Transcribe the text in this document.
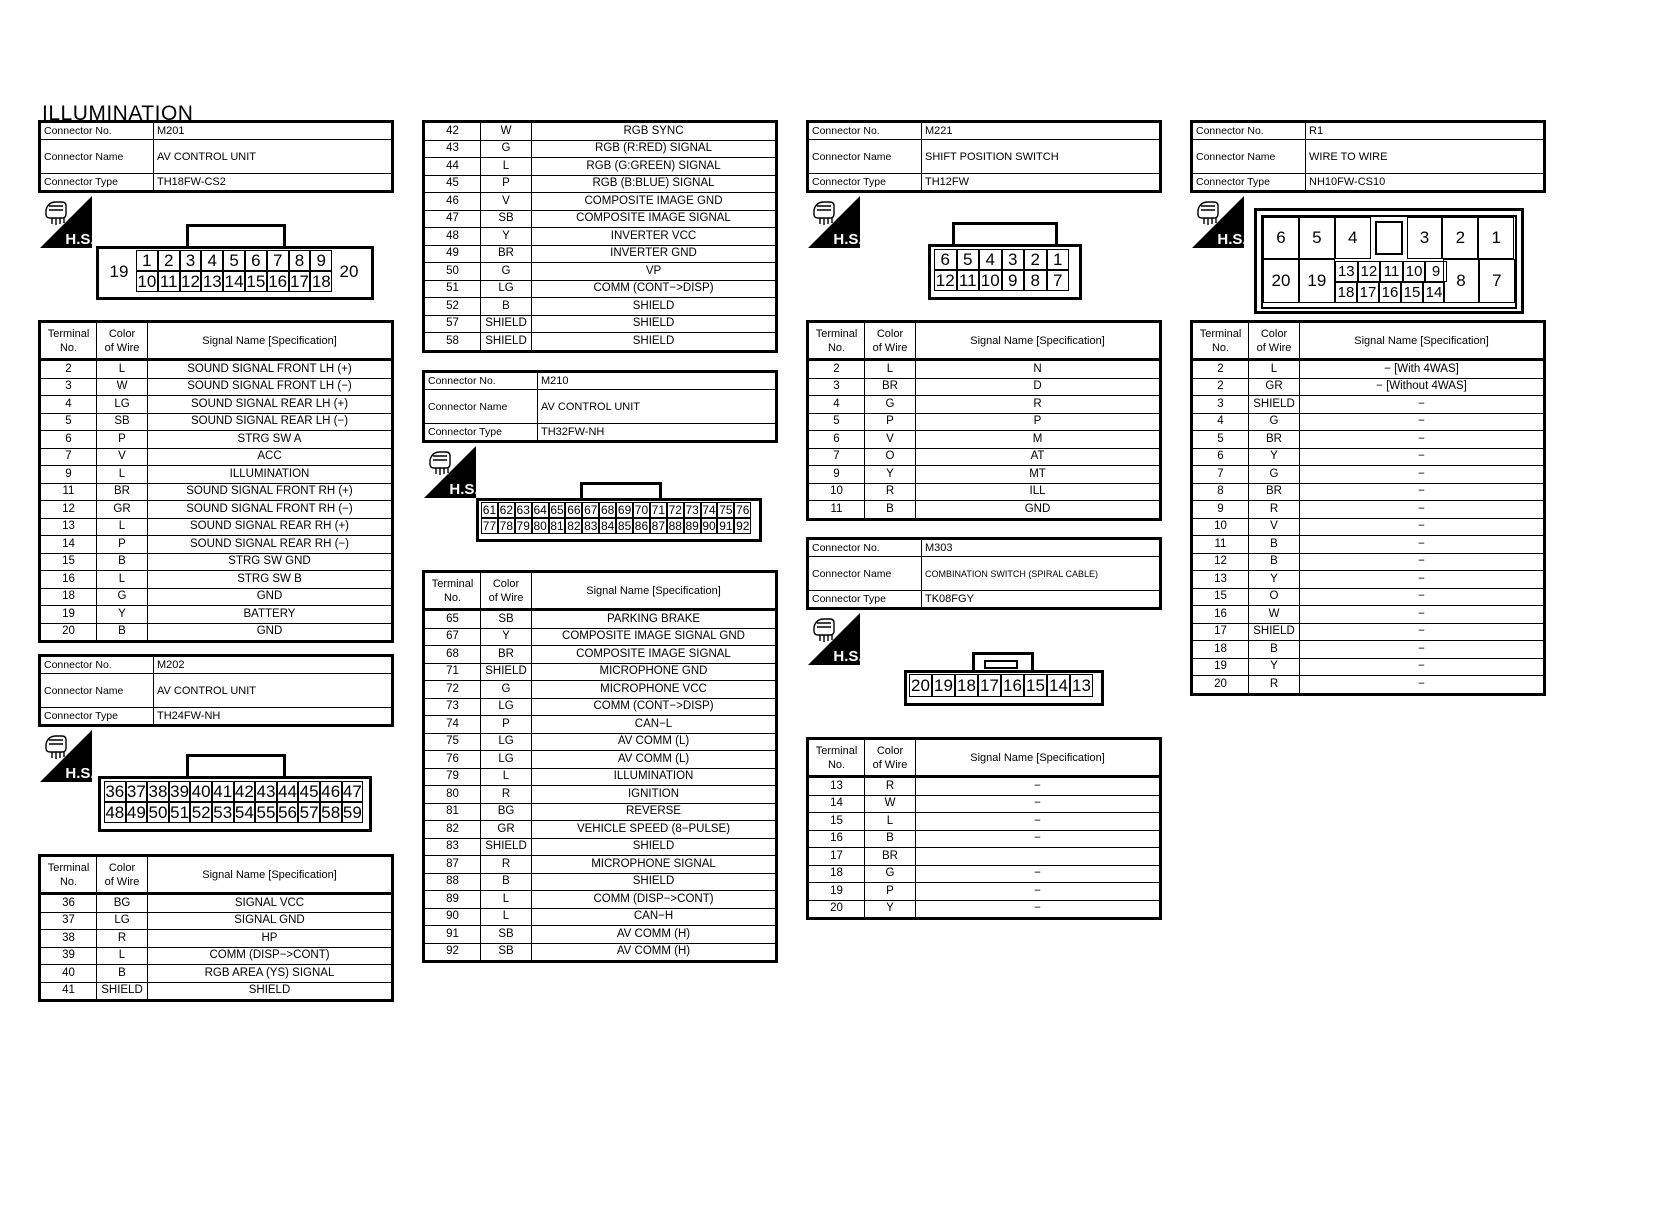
ILLUMINATION
Connector No.	M201
Connector Name	AV CONTROL UNIT
Connector Type	TH18FW-CS2
H.S.
19	20
1 2 3 4 5 6 7 8 9
10 11 12 13 14 15 16 17 18
Terminal
No.	Color
of Wire	Signal Name [Specification]
2	L	SOUND SIGNAL FRONT LH (+)
3	W	SOUND SIGNAL FRONT LH (−)
4	LG	SOUND SIGNAL REAR LH (+)
5	SB	SOUND SIGNAL REAR LH (−)
6	P	STRG SW A
7	V	ACC
9	L	ILLUMINATION
11	BR	SOUND SIGNAL FRONT RH (+)
12	GR	SOUND SIGNAL FRONT RH (−)
13	L	SOUND SIGNAL REAR RH (+)
14	P	SOUND SIGNAL REAR RH (−)
15	B	STRG SW GND
16	L	STRG SW B
18	G	GND
19	Y	BATTERY
20	B	GND
Connector No.	M202
Connector Name	AV CONTROL UNIT
Connector Type	TH24FW-NH
H.S.
36 37 38 39 40 41 42 43 44 45 46 47
48 49 50 51 52 53 54 55 56 57 58 59
Terminal
No.	Color
of Wire	Signal Name [Specification]
36	BG	SIGNAL VCC
37	LG	SIGNAL GND
38	R	HP
39	L	COMM (DISP−>CONT)
40	B	RGB AREA (YS) SIGNAL
41	SHIELD	SHIELD
42	W	RGB SYNC
43	G	RGB (R:RED) SIGNAL
44	L	RGB (G:GREEN) SIGNAL
45	P	RGB (B:BLUE) SIGNAL
46	V	COMPOSITE IMAGE GND
47	SB	COMPOSITE IMAGE SIGNAL
48	Y	INVERTER VCC
49	BR	INVERTER GND
50	G	VP
51	LG	COMM (CONT−>DISP)
52	B	SHIELD
57	SHIELD	SHIELD
58	SHIELD	SHIELD
Connector No.	M210
Connector Name	AV CONTROL UNIT
Connector Type	TH32FW-NH
H.S.
61 62 63 64 65 66 67 68 69 70 71 72 73 74 75 76
77 78 79 80 81 82 83 84 85 86 87 88 89 90 91 92
Terminal
No.	Color
of Wire	Signal Name [Specification]
65	SB	PARKING BRAKE
67	Y	COMPOSITE IMAGE SIGNAL GND
68	BR	COMPOSITE IMAGE SIGNAL
71	SHIELD	MICROPHONE GND
72	G	MICROPHONE VCC
73	LG	COMM (CONT−>DISP)
74	P	CAN−L
75	LG	AV COMM (L)
76	LG	AV COMM (L)
79	L	ILLUMINATION
80	R	IGNITION
81	BG	REVERSE
82	GR	VEHICLE SPEED (8−PULSE)
83	SHIELD	SHIELD
87	R	MICROPHONE SIGNAL
88	B	SHIELD
89	L	COMM (DISP−>CONT)
90	L	CAN−H
91	SB	AV COMM (H)
92	SB	AV COMM (H)
Connector No.	M221
Connector Name	SHIFT POSITION SWITCH
Connector Type	TH12FW
H.S.
6 5 4 3 2 1
12 11 10 9 8 7
Terminal
No.	Color
of Wire	Signal Name [Specification]
2	L	N
3	BR	D
4	G	R
5	P	P
6	V	M
7	O	AT
9	Y	MT
10	R	ILL
11	B	GND
Connector No.	M303
Connector Name	COMBINATION SWITCH (SPIRAL CABLE)
Connector Type	TK08FGY
H.S.
20 19 18 17 16 15 14 13
Terminal
No.	Color
of Wire	Signal Name [Specification]
13	R	−
14	W	−
15	L	−
16	B	−
17	BR	
18	G	−
19	P	−
20	Y	−
Connector No.	R1
Connector Name	WIRE TO WIRE
Connector Type	NH10FW-CS10
H.S.	6	5	4	3	2	1
20 19 13 12 11 10 9
18 17 16 15 14
8	7
Terminal
No.	Color
of Wire	Signal Name [Specification]
2	L	− [With 4WAS]
2	GR	− [Without 4WAS]
3	SHIELD	−
4	G	−
5	BR	−
6	Y	−
7	G	−
8	BR	−
9	R	−
10	V	−
11	B	−
12	B	−
13	Y	−
15	O	−
16	W	−
17	SHIELD	−
18	B	−
19	Y	−
20	R	−
